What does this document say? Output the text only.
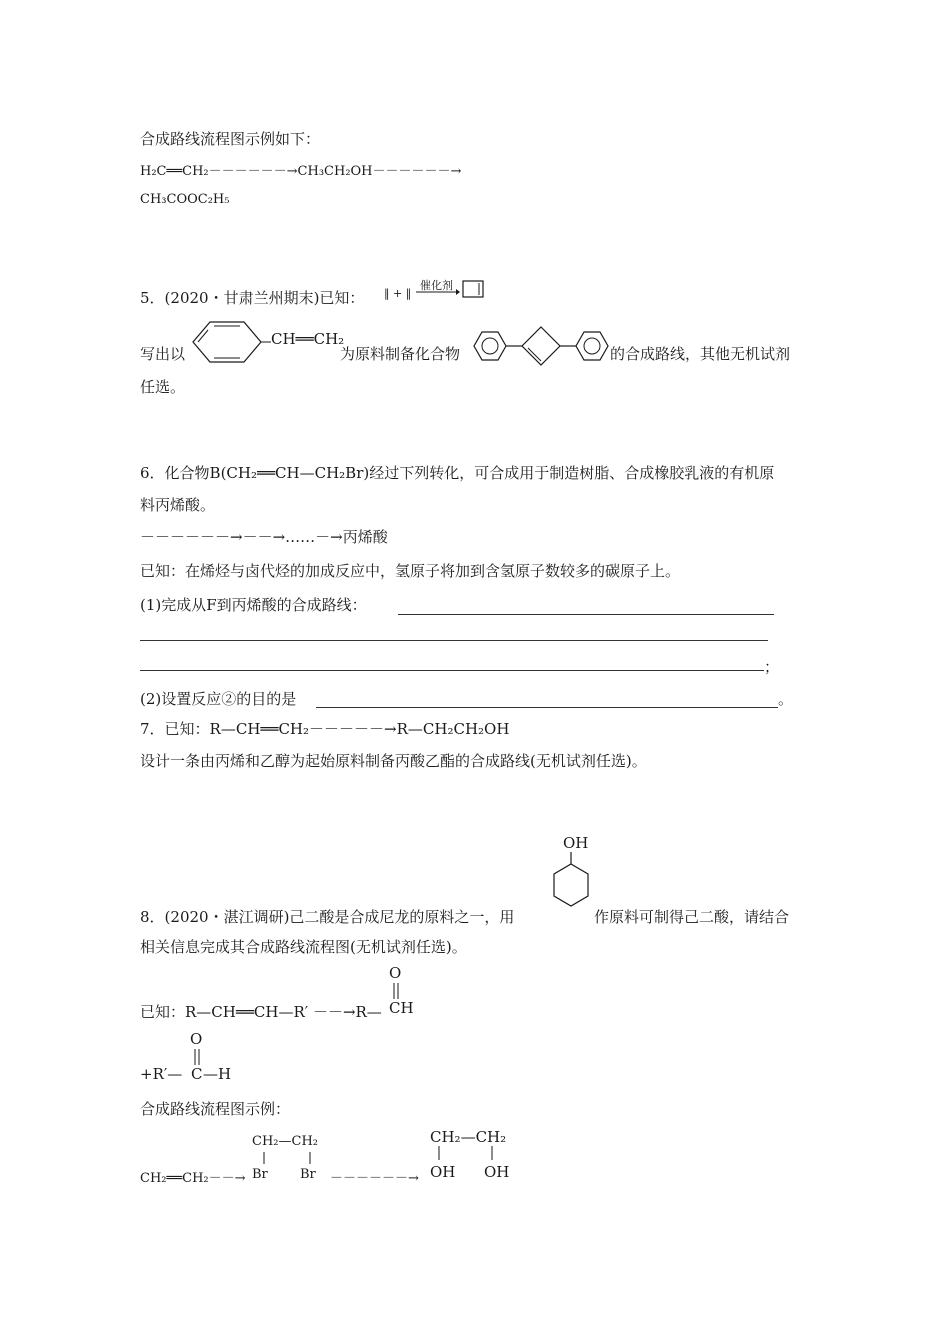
合成路线流程图示例如下：
H₂C══CH₂－－－－－－→CH₃CH₂OH－－－－－－→
CH₃COOC₂H₅
5．(2020・甘肃兰州期末)已知： ‖ + ‖
催化剂
写出以
CH══CH₂
为原料制备化合物	的合成路线，其他无机试剂
任选。
6．化合物B(CH₂══CH—CH₂Br)经过下列转化，可合成用于制造树脂、合成橡胶乳液的有机原
料丙烯酸。
－－－－－－→－－→……－→丙烯酸
已知：在烯烃与卤代烃的加成反应中，氢原子将加到含氢原子数较多的碳原子上。
(1)完成从F到丙烯酸的合成路线：
；
(2)设置反应②的目的是	。
7．已知：R—CH══CH₂－－－－－→R—CH₂CH₂OH
设计一条由丙烯和乙醇为起始原料制备丙酸乙酯的合成路线(无机试剂任选)。
OH
8．(2020・湛江调研)己二酸是合成尼龙的原料之一，用	作原料可制得己二酸，请结合
相关信息完成其合成路线流程图(无机试剂任选)。
O
已知：R—CH══CH—R′ －－→R— CH
O
+R′— C —H
合成路线流程图示例：
CH₂—CH₂
CH₂══CH₂－－→ Br Br －－－－－－→
CH₂—CH₂
OH OH
